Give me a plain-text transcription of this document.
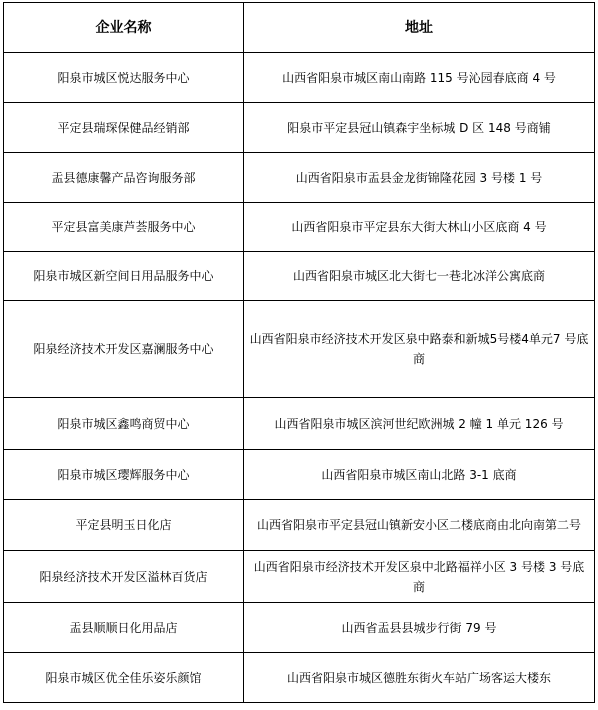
企业名称	地址
阳泉市城区悦达服务中心	山西省阳泉市城区南山南路 115 号沁园春底商 4 号
平定县瑞琛保健品经销部	阳泉市平定县冠山镇森宇坐标城 D 区 148 号商铺
盂县德康馨产品咨询服务部	山西省阳泉市盂县金龙街锦隆花园 3 号楼 1 号
平定县富美康芦荟服务中心	山西省阳泉市平定县东大街大林山小区底商 4 号
阳泉市城区新空间日用品服务中心	山西省阳泉市城区北大街七一巷北冰洋公寓底商
阳泉经济技术开发区嘉澜服务中心	山西省阳泉市经济技术开发区泉中路泰和新城5号楼4单元7 号底商
阳泉市城区鑫鸣商贸中心	山西省阳泉市城区滨河世纪欧洲城 2 幢 1 单元 126 号
阳泉市城区璎辉服务中心	山西省阳泉市城区南山北路 3-1 底商
平定县明玉日化店	山西省阳泉市平定县冠山镇新安小区二楼底商由北向南第二号
阳泉经济技术开发区溢林百货店	山西省阳泉市经济技术开发区泉中北路福祥小区 3 号楼 3 号底商
盂县顺顺日化用品店	山西省盂县县城步行街 79 号
阳泉市城区优全佳乐姿乐颜馆	山西省阳泉市城区德胜东街火车站广场客运大楼东
